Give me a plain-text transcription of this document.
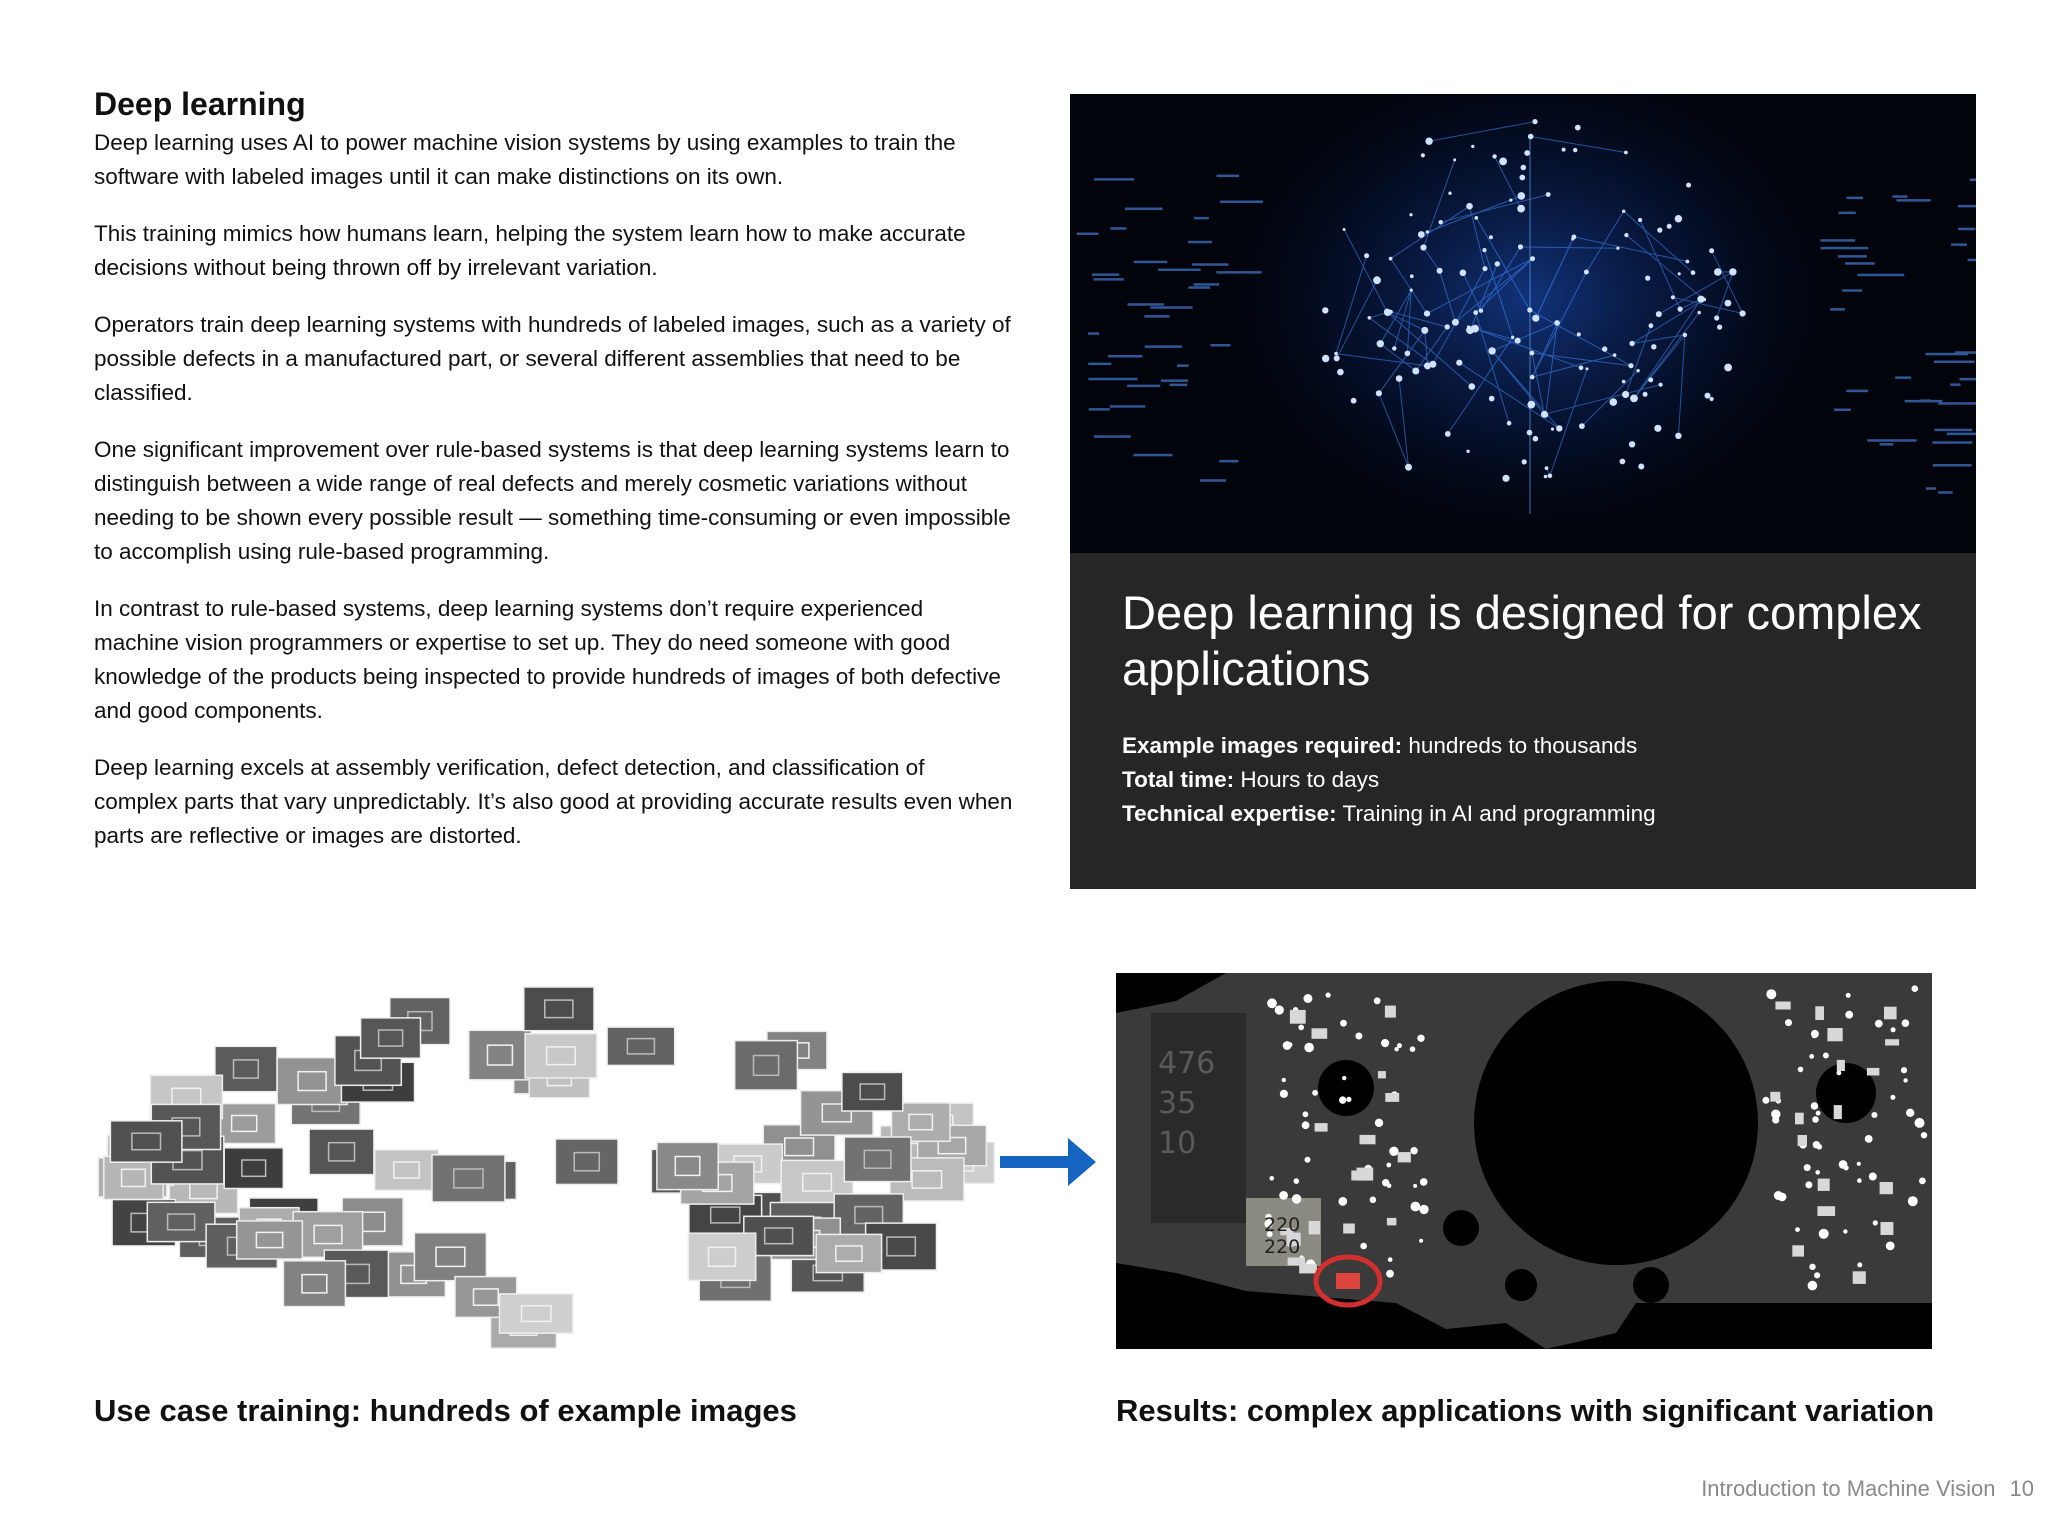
Deep learning

Deep learning uses AI to power machine vision systems by using examples to train the software with labeled images until it can make distinctions on its own.

This training mimics how humans learn, helping the system learn how to make accurate decisions without being thrown off by irrelevant variation.

Operators train deep learning systems with hundreds of labeled images, such as a variety of possible defects in a manufactured part, or several different assemblies that need to be classified.

One significant improvement over rule-based systems is that deep learning systems learn to distinguish between a wide range of real defects and merely cosmetic variations without needing to be shown every possible result — something time-consuming or even impossible to accomplish using rule-based programming.

In contrast to rule-based systems, deep learning systems don’t require experienced machine vision programmers or expertise to set up. They do need someone with good knowledge of the products being inspected to provide hundreds of images of both defective and good components.

Deep learning excels at assembly verification, defect detection, and classification of complex parts that vary unpredictably. It’s also good at providing accurate results even when parts are reflective or images are distorted.

Deep learning is designed for complex applications
Example images required: hundreds to thousands
Total time: Hours to days
Technical expertise: Training in AI and programming
476
35
10
220
220

Use case training: hundreds of example images	Results: complex applications with significant variation

Introduction to Machine Vision 10
